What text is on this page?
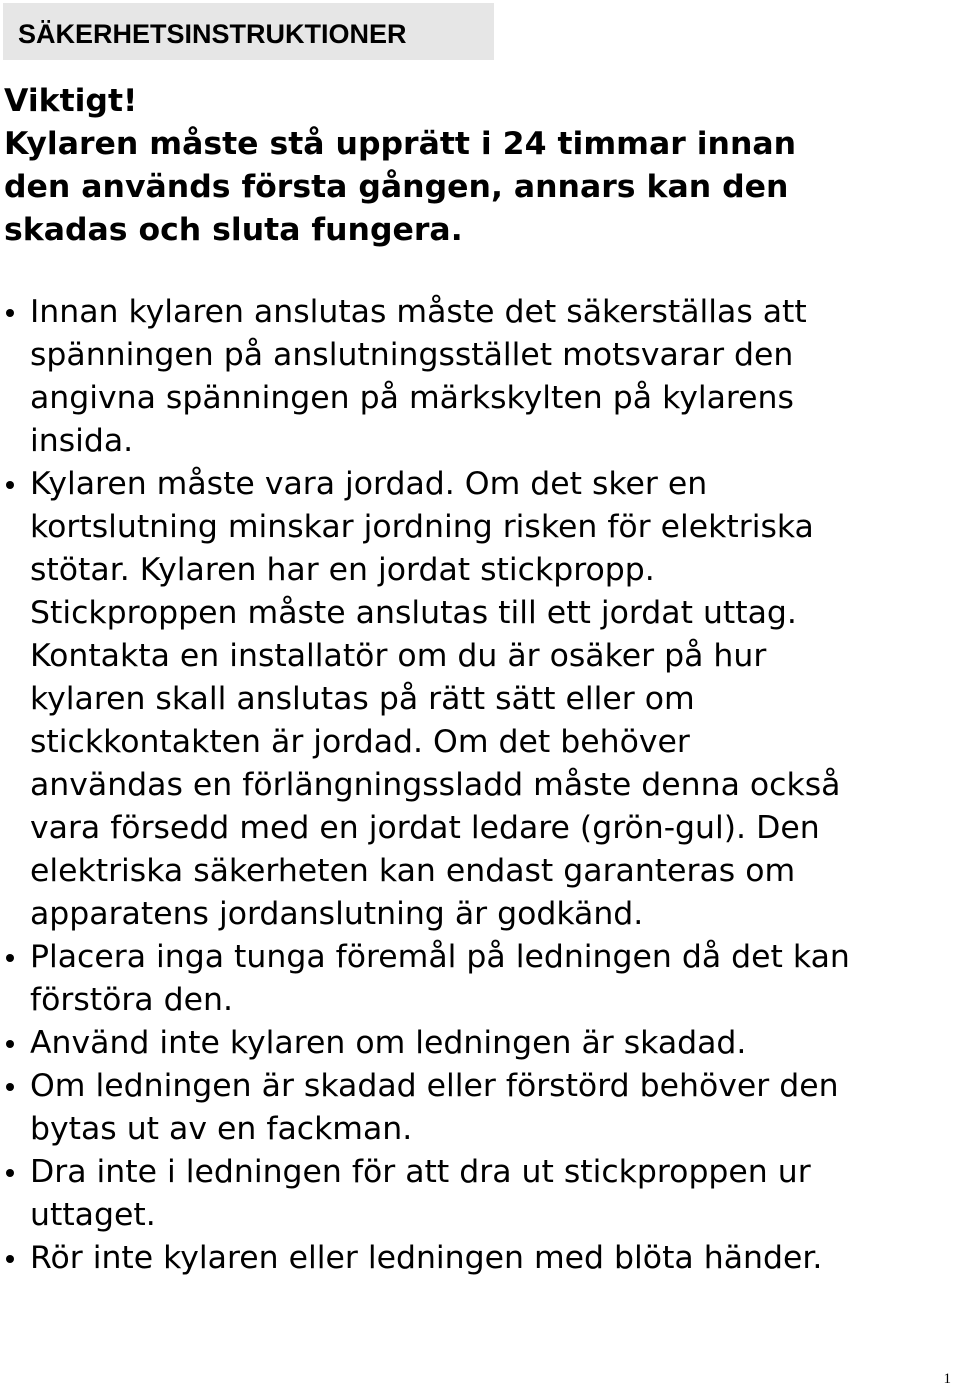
SÄKERHETSINSTRUKTIONER
Viktigt!
Kylaren måste stå upprätt i 24 timmar innan
den används första gången, annars kan den
skadas och sluta fungera.
Innan kylaren anslutas måste det säkerställas att
spänningen på anslutningsstället motsvarar den
angivna spänningen på märkskylten på kylarens
insida.
Kylaren måste vara jordad. Om det sker en
kortslutning minskar jordning risken för elektriska
stötar. Kylaren har en jordat stickpropp.
Stickproppen måste anslutas till ett jordat uttag.
Kontakta en installatör om du är osäker på hur
kylaren skall anslutas på rätt sätt eller om
stickkontakten är jordad. Om det behöver
användas en förlängningssladd måste denna också
vara försedd med en jordat ledare (grön-gul). Den
elektriska säkerheten kan endast garanteras om
apparatens jordanslutning är godkänd.
Placera inga tunga föremål på ledningen då det kan
förstöra den.
Använd inte kylaren om ledningen är skadad.
Om ledningen är skadad eller förstörd behöver den
bytas ut av en fackman.
Dra inte i ledningen för att dra ut stickproppen ur
uttaget.
Rör inte kylaren eller ledningen med blöta händer.
1
